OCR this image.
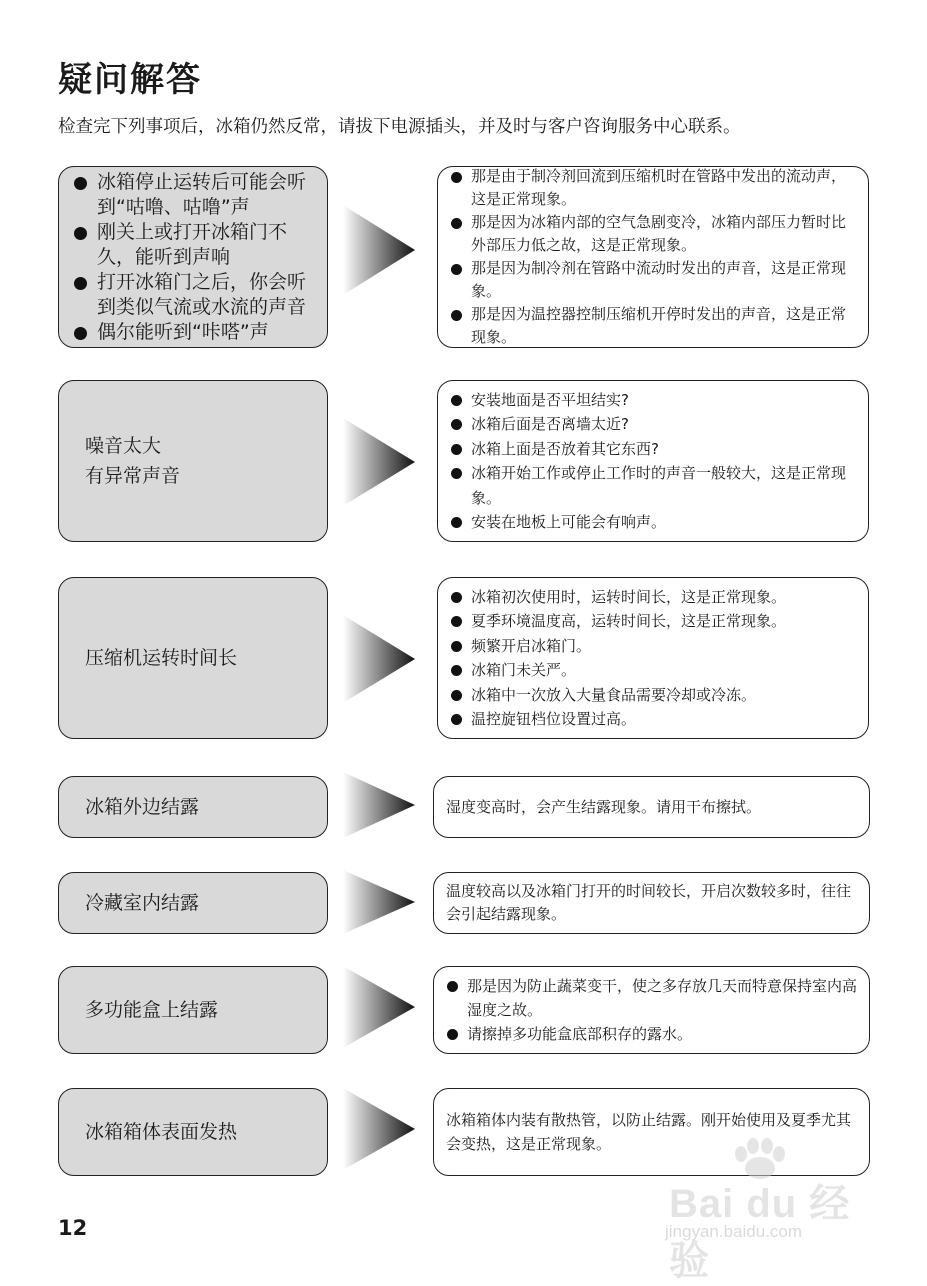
疑问解答

检查完下列事项后，冰箱仍然反常，请拔下电源插头，并及时与客户咨询服务中心联系。

冰箱停止运转后可能会听到“咕噜、咕噜”声
刚关上或打开冰箱门不久，能听到声响
打开冰箱门之后，你会听到类似气流或水流的声音
偶尔能听到“咔嗒”声
那是由于制冷剂回流到压缩机时在管路中发出的流动声，这是正常现象。
那是因为冰箱内部的空气急剧变冷，冰箱内部压力暂时比外部压力低之故，这是正常现象。
那是因为制冷剂在管路中流动时发出的声音，这是正常现象。
那是因为温控器控制压缩机开停时发出的声音，这是正常现象。
噪音太大
有异常声音
安装地面是否平坦结实?
冰箱后面是否离墙太近?
冰箱上面是否放着其它东西?
冰箱开始工作或停止工作时的声音一般较大，这是正常现象。
安装在地板上可能会有响声。
压缩机运转时间长
冰箱初次使用时，运转时间长，这是正常现象。
夏季环境温度高，运转时间长，这是正常现象。
频繁开启冰箱门。
冰箱门未关严。
冰箱中一次放入大量食品需要冷却或冷冻。
温控旋钮档位设置过高。
冰箱外边结露	湿度变高时，会产生结露现象。请用干布擦拭。

冷藏室内结露

温度较高以及冰箱门打开的时间较长，开启次数较多时，往往会引起结露现象。

多功能盒上结露
那是因为防止蔬菜变干，使之多存放几天而特意保持室内高湿度之故。
请擦掉多功能盒底部积存的露水。
冰箱箱体表面发热

冰箱箱体内装有散热管，以防止结露。刚开始使用及夏季尤其会变热，这是正常现象。

12
Bai du 经验
jingyan.baidu.com
